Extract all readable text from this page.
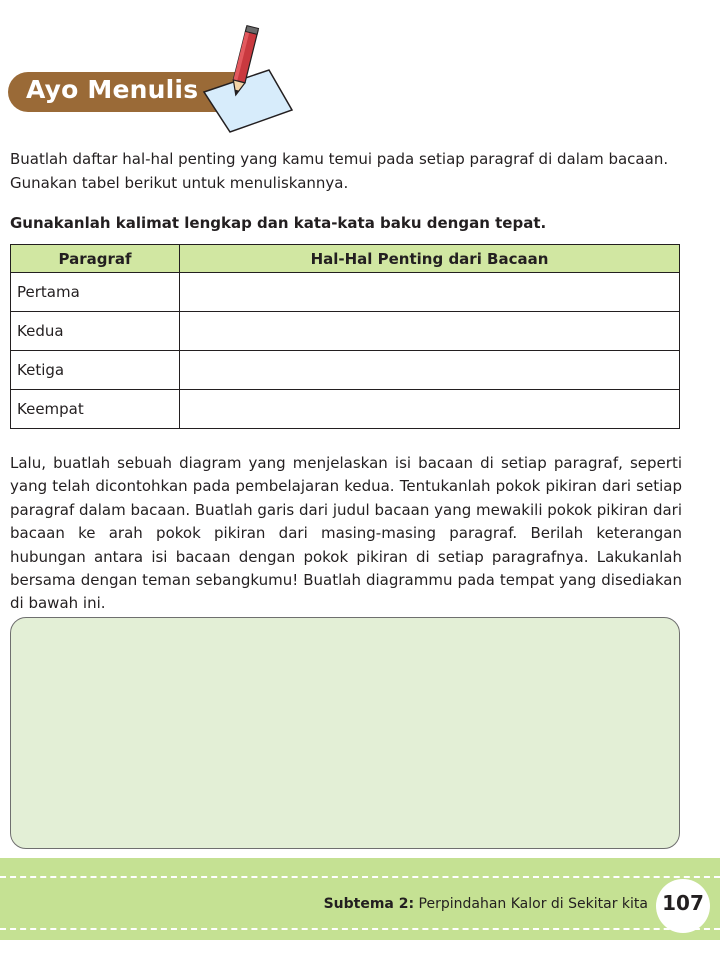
Ayo Menulis

Buatlah daftar hal-hal penting yang kamu temui pada setiap paragraf di dalam bacaan. Gunakan tabel berikut untuk menuliskannya.

Gunakanlah kalimat lengkap dan kata-kata baku dengan tepat.

Paragraf	Hal-Hal Penting dari Bacaan
Pertama	
Kedua	
Ketiga	
Keempat	

Lalu, buatlah sebuah diagram yang menjelaskan isi bacaan di setiap paragraf, seperti yang telah dicontohkan pada pembelajaran kedua. Tentukanlah pokok pikiran dari setiap paragraf dalam bacaan. Buatlah garis dari judul bacaan yang mewakili pokok pikiran dari bacaan ke arah pokok pikiran dari masing-masing paragraf. Berilah keterangan hubungan antara isi bacaan dengan pokok pikiran di setiap paragrafnya. Lakukanlah bersama dengan teman sebangkumu! Buatlah diagrammu pada tempat yang disediakan di bawah ini.

Subtema 2: Perpindahan Kalor di Sekitar kita 107
